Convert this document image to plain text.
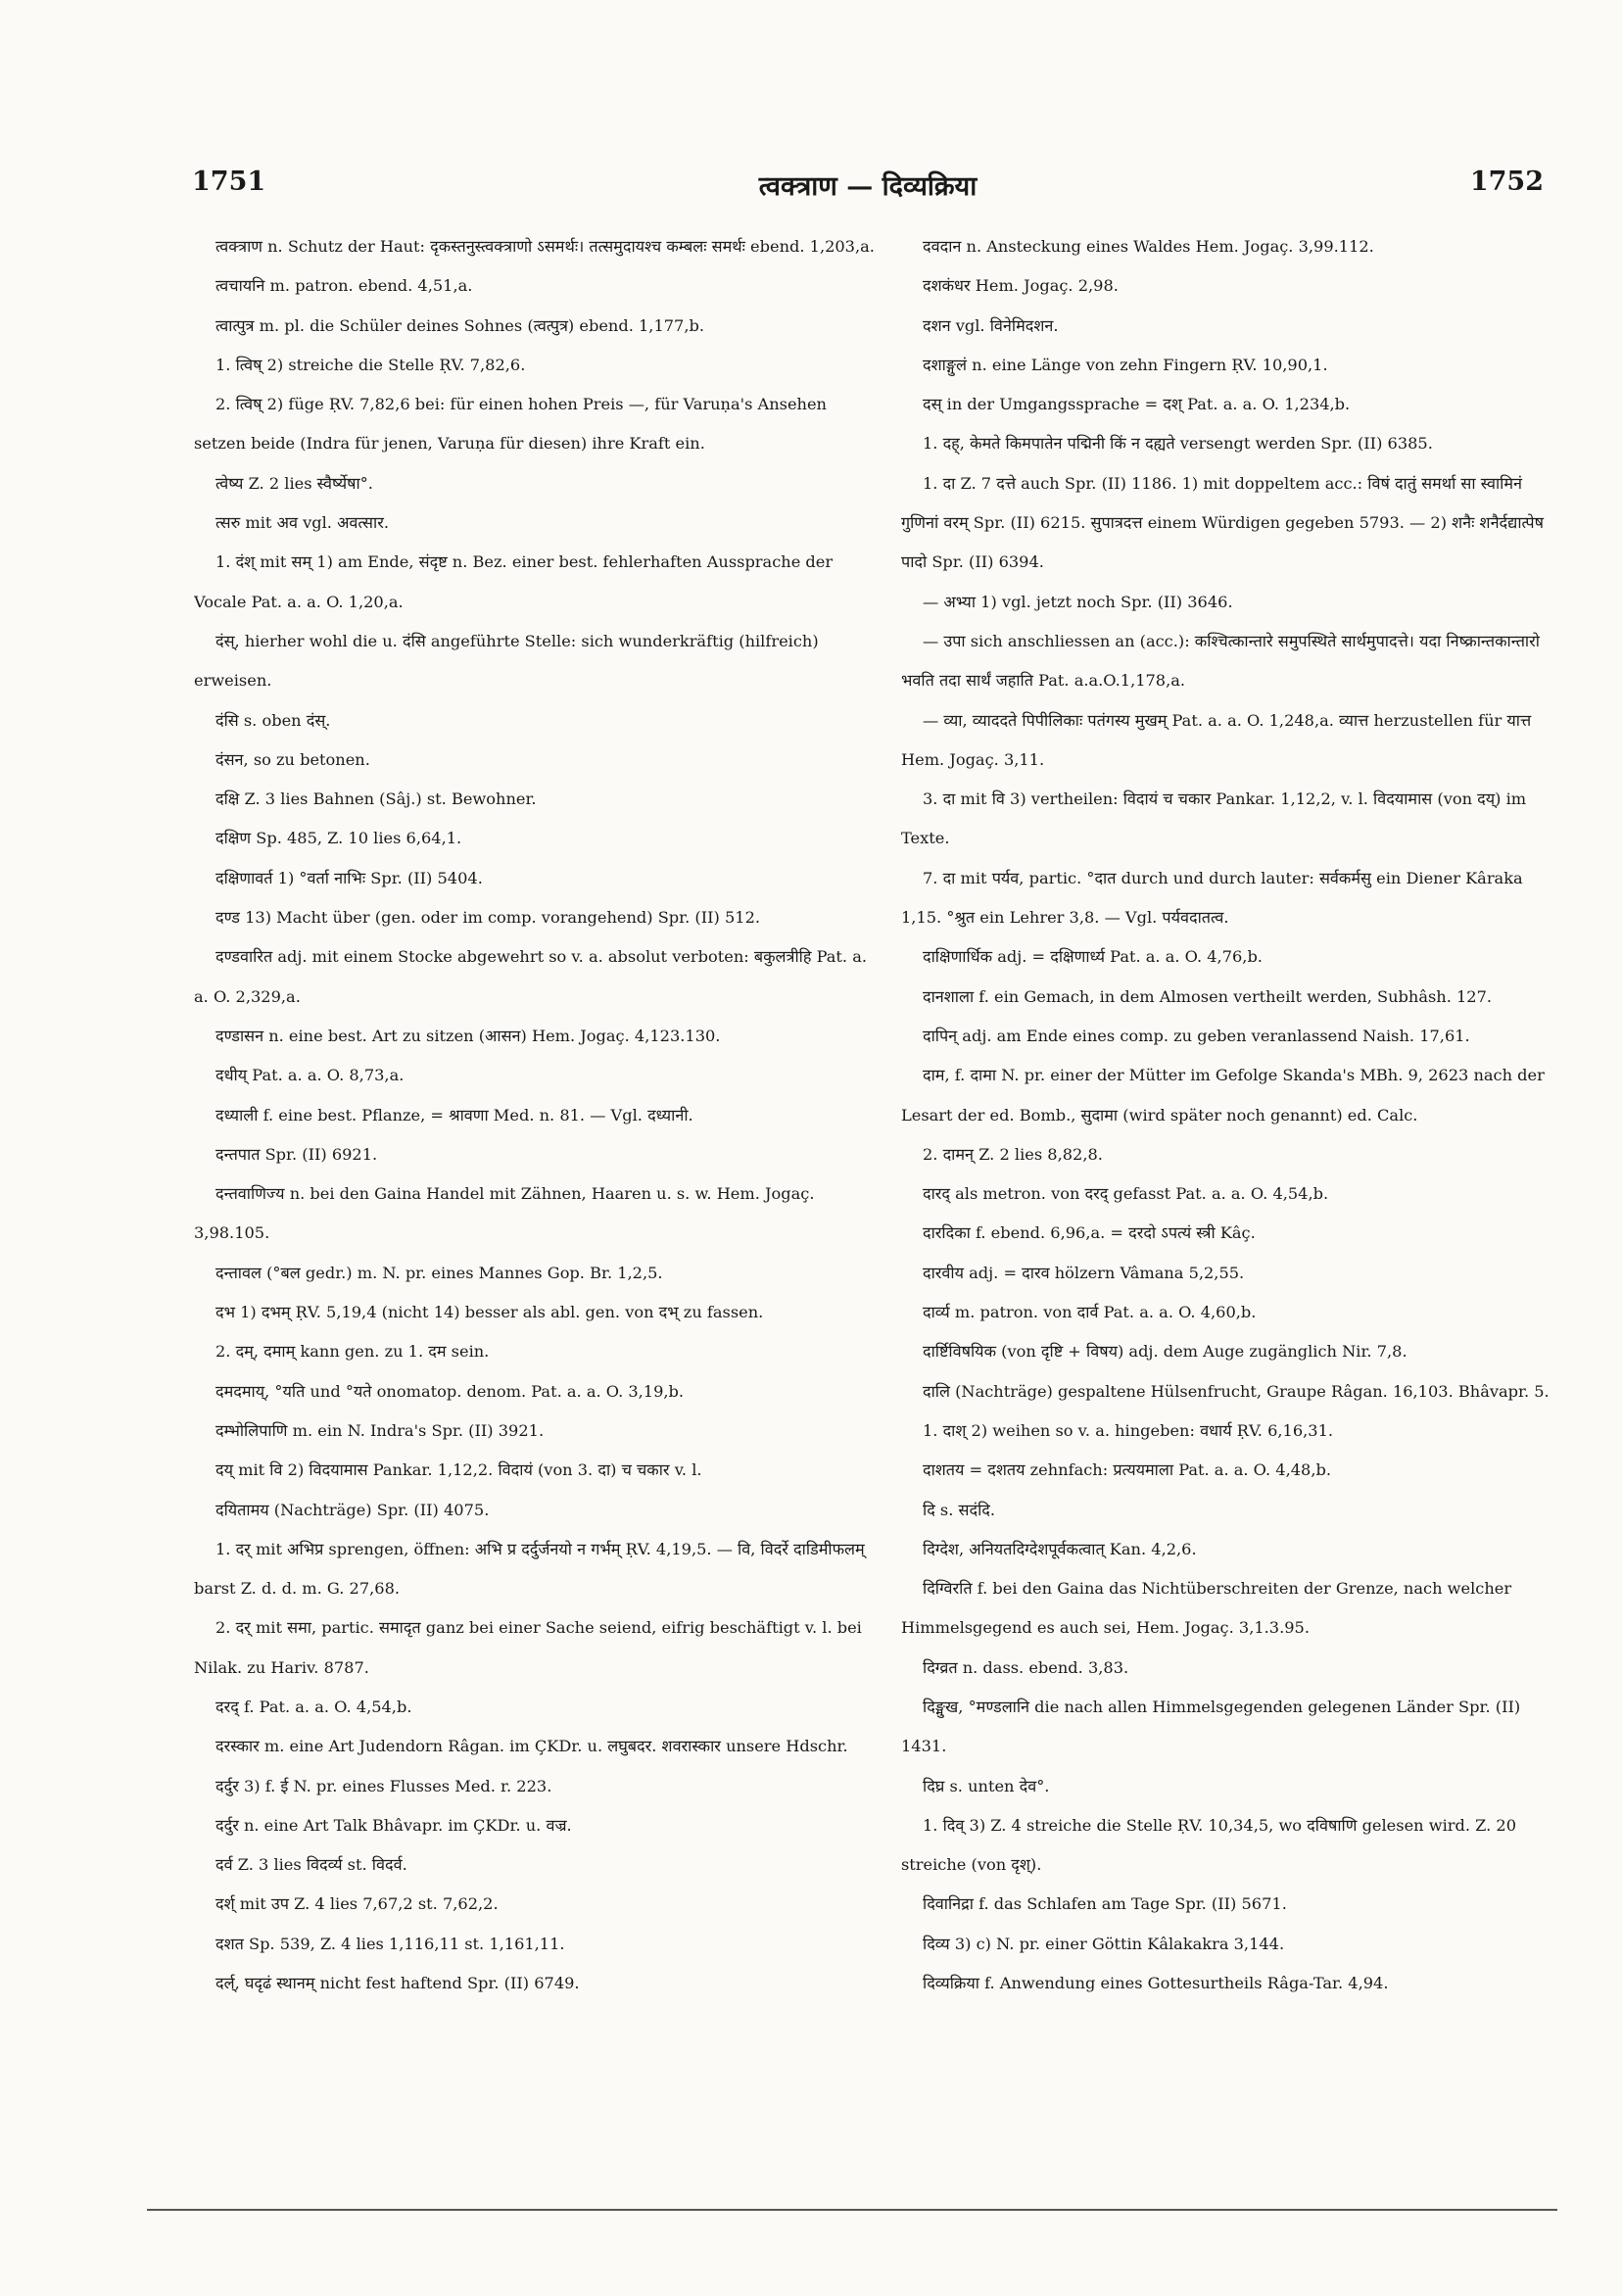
1751	त्वक्त्राण — दिव्यक्रिया	1752

त्वक्त्राण n. Schutz der Haut: दृकस्तनुस्त्वक्त्राणो ऽसमर्थः। तत्समुदायश्च कम्बलः समर्थः ebend. 1,203,a.

त्वचायनि m. patron. ebend. 4,51,a.

त्वात्पुत्र m. pl. die Schüler deines Sohnes (त्वत्पुत्र) ebend. 1,177,b.

1. त्विष् 2) streiche die Stelle ṚV. 7,82,6.

2. त्विष् 2) füge ṚV. 7,82,6 bei: für einen hohen Preis —, für Varuṇa's Ansehen setzen beide (Indra für jenen, Varuṇa für diesen) ihre Kraft ein.

त्वेष्य Z. 2 lies स्वैर्ष्येषा°.

त्सरु mit अव vgl. अवत्सार.

1. दंश् mit सम् 1) am Ende, संदृष्ट n. Bez. einer best. fehlerhaften Aussprache der Vocale Pat. a. a. O. 1,20,a.

दंस्, hierher wohl die u. दंसि angeführte Stelle: sich wunderkräftig (hilfreich) erweisen.

दंसि s. oben दंस्.

दंसन, so zu betonen.

दक्षि Z. 3 lies Bahnen (Sâj.) st. Bewohner.

दक्षिण Sp. 485, Z. 10 lies 6,64,1.

दक्षिणावर्त 1) °वर्ता नाभिः Spr. (II) 5404.

दण्ड 13) Macht über (gen. oder im comp. vorangehend) Spr. (II) 512.

दण्डवारित adj. mit einem Stocke abgewehrt so v. a. absolut verboten: बकुलत्रीहि Pat. a. a. O. 2,329,a.

दण्डासन n. eine best. Art zu sitzen (आसन) Hem. Jogaç. 4,123.130.

दधीय् Pat. a. a. O. 8,73,a.

दध्याली f. eine best. Pflanze, = श्रावणा Med. n. 81. — Vgl. दध्यानी.

दन्तपात Spr. (II) 6921.

दन्तवाणिज्य n. bei den Gaina Handel mit Zähnen, Haaren u. s. w. Hem. Jogaç. 3,98.105.

दन्तावल (°बल gedr.) m. N. pr. eines Mannes Gop. Br. 1,2,5.

दभ 1) दभम् ṚV. 5,19,4 (nicht 14) besser als abl. gen. von दभ् zu fassen.

2. दम्, दमाम् kann gen. zu 1. दम sein.

दमदमाय्, °यति und °यते onomatop. denom. Pat. a. a. O. 3,19,b.

दम्भोलिपाणि m. ein N. Indra's Spr. (II) 3921.

दय् mit वि 2) विदयामास Pankar. 1,12,2. विदायं (von 3. दा) च चकार v. l.

दयितामय (Nachträge) Spr. (II) 4075.

1. दर् mit अभिप्र sprengen, öffnen: अभि प्र दर्दुर्जनयो न गर्भम् ṚV. 4,19,5. — वि, विदर्रे दाडिमीफलम् barst Z. d. d. m. G. 27,68.

2. दर् mit समा, partic. समादृत ganz bei einer Sache seiend, eifrig beschäftigt v. l. bei Nilak. zu Hariv. 8787.

दरद् f. Pat. a. a. O. 4,54,b.

दरस्कार m. eine Art Judendorn Râgan. im ÇKDr. u. लघुबदर. शवरास्कार unsere Hdschr.

दर्दुर 3) f. ई N. pr. eines Flusses Med. r. 223.

दर्दुर n. eine Art Talk Bhâvapr. im ÇKDr. u. वज्र.

दर्व Z. 3 lies विदर्व्य st. विदर्व.

दर्श् mit उप Z. 4 lies 7,67,2 st. 7,62,2.

दशत Sp. 539, Z. 4 lies 1,116,11 st. 1,161,11.

दर्ल्, घदृढं स्थानम् nicht fest haftend Spr. (II) 6749.

दवदान n. Ansteckung eines Waldes Hem. Jogaç. 3,99.112.

दशकंधर Hem. Jogaç. 2,98.

दशन vgl. विनेमिदशन.

दशाङ्गुलं n. eine Länge von zehn Fingern ṚV. 10,90,1.

दस् in der Umgangssprache = दश् Pat. a. a. O. 1,234,b.

1. दह्, केमते किमपातेन पद्मिनी किं न दह्यते versengt werden Spr. (II) 6385.

1. दा Z. 7 दत्ते auch Spr. (II) 1186. 1) mit doppeltem acc.: विषं दातुं समर्था सा स्वामिनं गुणिनां वरम् Spr. (II) 6215. सुपात्रदत्त einem Würdigen gegeben 5793. — 2) शनैः शनैर्दद्यात्पेष पादो Spr. (II) 6394.

— अभ्या 1) vgl. jetzt noch Spr. (II) 3646.

— उपा sich anschliessen an (acc.): कश्चित्कान्तारे समुपस्थिते सार्थमुपादत्ते। यदा निष्क्रान्तकान्तारो भवति तदा सार्थं जहाति Pat. a.a.O.1,178,a.

— व्या, व्याददते पिपीलिकाः पतंगस्य मुखम् Pat. a. a. O. 1,248,a. व्यात्त herzustellen für यात्त Hem. Jogaç. 3,11.

3. दा mit वि 3) vertheilen: विदायं च चकार Pankar. 1,12,2, v. l. विदयामास (von दय्) im Texte.

7. दा mit पर्यव, partic. °दात durch und durch lauter: सर्वकर्मसु ein Diener Kâraka 1,15. °श्रुत ein Lehrer 3,8. — Vgl. पर्यवदातत्व.

दाक्षिणार्धिक adj. = दक्षिणार्ध्य Pat. a. a. O. 4,76,b.

दानशाला f. ein Gemach, in dem Almosen vertheilt werden, Subhâsh. 127.

दापिन् adj. am Ende eines comp. zu geben veranlassend Naish. 17,61.

दाम, f. दामा N. pr. einer der Mütter im Gefolge Skanda's MBh. 9, 2623 nach der Lesart der ed. Bomb., सुदामा (wird später noch genannt) ed. Calc.

2. दामन् Z. 2 lies 8,82,8.

दारद् als metron. von दरद् gefasst Pat. a. a. O. 4,54,b.

दारदिका f. ebend. 6,96,a. = दरदो ऽपत्यं स्त्री Kâç.

दारवीय adj. = दारव hölzern Vâmana 5,2,55.

दार्व्य m. patron. von दार्व Pat. a. a. O. 4,60,b.

दार्ष्टिविषयिक (von दृष्टि + विषय) adj. dem Auge zugänglich Nir. 7,8.

दालि (Nachträge) gespaltene Hülsenfrucht, Graupe Râgan. 16,103. Bhâvapr. 5.

1. दाश् 2) weihen so v. a. hingeben: वधार्य ṚV. 6,16,31.

दाशतय = दशतय zehnfach: प्रत्ययमाला Pat. a. a. O. 4,48,b.

दि s. सदंदि.

दिग्देश, अनियतदिग्देशपूर्वकत्वात् Kan. 4,2,6.

दिग्विरति f. bei den Gaina das Nichtüberschreiten der Grenze, nach welcher Himmelsgegend es auch sei, Hem. Jogaç. 3,1.3.95.

दिग्व्रत n. dass. ebend. 3,83.

दिङ्मुख, °मण्डलानि die nach allen Himmelsgegenden gelegenen Länder Spr. (II) 1431.

दिघ्र s. unten देव°.

1. दिव् 3) Z. 4 streiche die Stelle ṚV. 10,34,5, wo दविषाणि gelesen wird. Z. 20 streiche (von दृश्).

दिवानिद्रा f. das Schlafen am Tage Spr. (II) 5671.

दिव्य 3) c) N. pr. einer Göttin Kâlakakra 3,144.

दिव्यक्रिया f. Anwendung eines Gottesurtheils Râga-Tar. 4,94.
